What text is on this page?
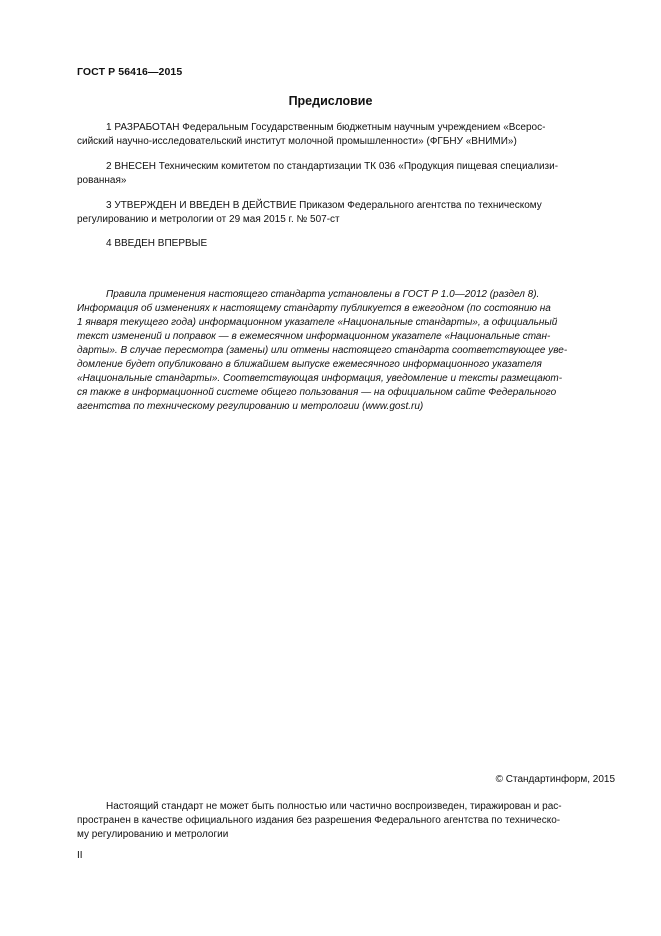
ГОСТ Р 56416—2015
Предисловие

1 РАЗРАБОТАН Федеральным Государственным бюджетным научным учреждением «Всерос-
сийский научно-исследовательский институт молочной промышленности» (ФГБНУ «ВНИМИ»)

2 ВНЕСЕН Техническим комитетом по стандартизации ТК 036 «Продукция пищевая специализи-
рованная»

3 УТВЕРЖДЕН И ВВЕДЕН В ДЕЙСТВИЕ Приказом Федерального агентства по техническому
регулированию и метрологии от 29 мая 2015 г. № 507-ст

4 ВВЕДЕН ВПЕРВЫЕ

Правила применения настоящего стандарта установлены в ГОСТ Р 1.0—2012 (раздел 8).
Информация об изменениях к настоящему стандарту публикуется в ежегодном (по состоянию на
1 января текущего года) информационном указателе «Национальные стандарты», а официальный
текст изменений и поправок — в ежемесячном информационном указателе «Национальные стан-
дарты». В случае пересмотра (замены) или отмены настоящего стандарта соответствующее уве-
домление будет опубликовано в ближайшем выпуске ежемесячного информационного указателя
«Национальные стандарты». Соответствующая информация, уведомление и тексты размещают-
ся также в информационной системе общего пользования — на официальном сайте Федерального
агентства по техническому регулированию и метрологии (www.gost.ru)

© Стандартинформ, 2015

Настоящий стандарт не может быть полностью или частично воспроизведен, тиражирован и рас-
пространен в качестве официального издания без разрешения Федерального агентства по техническо-
му регулированию и метрологии

II
